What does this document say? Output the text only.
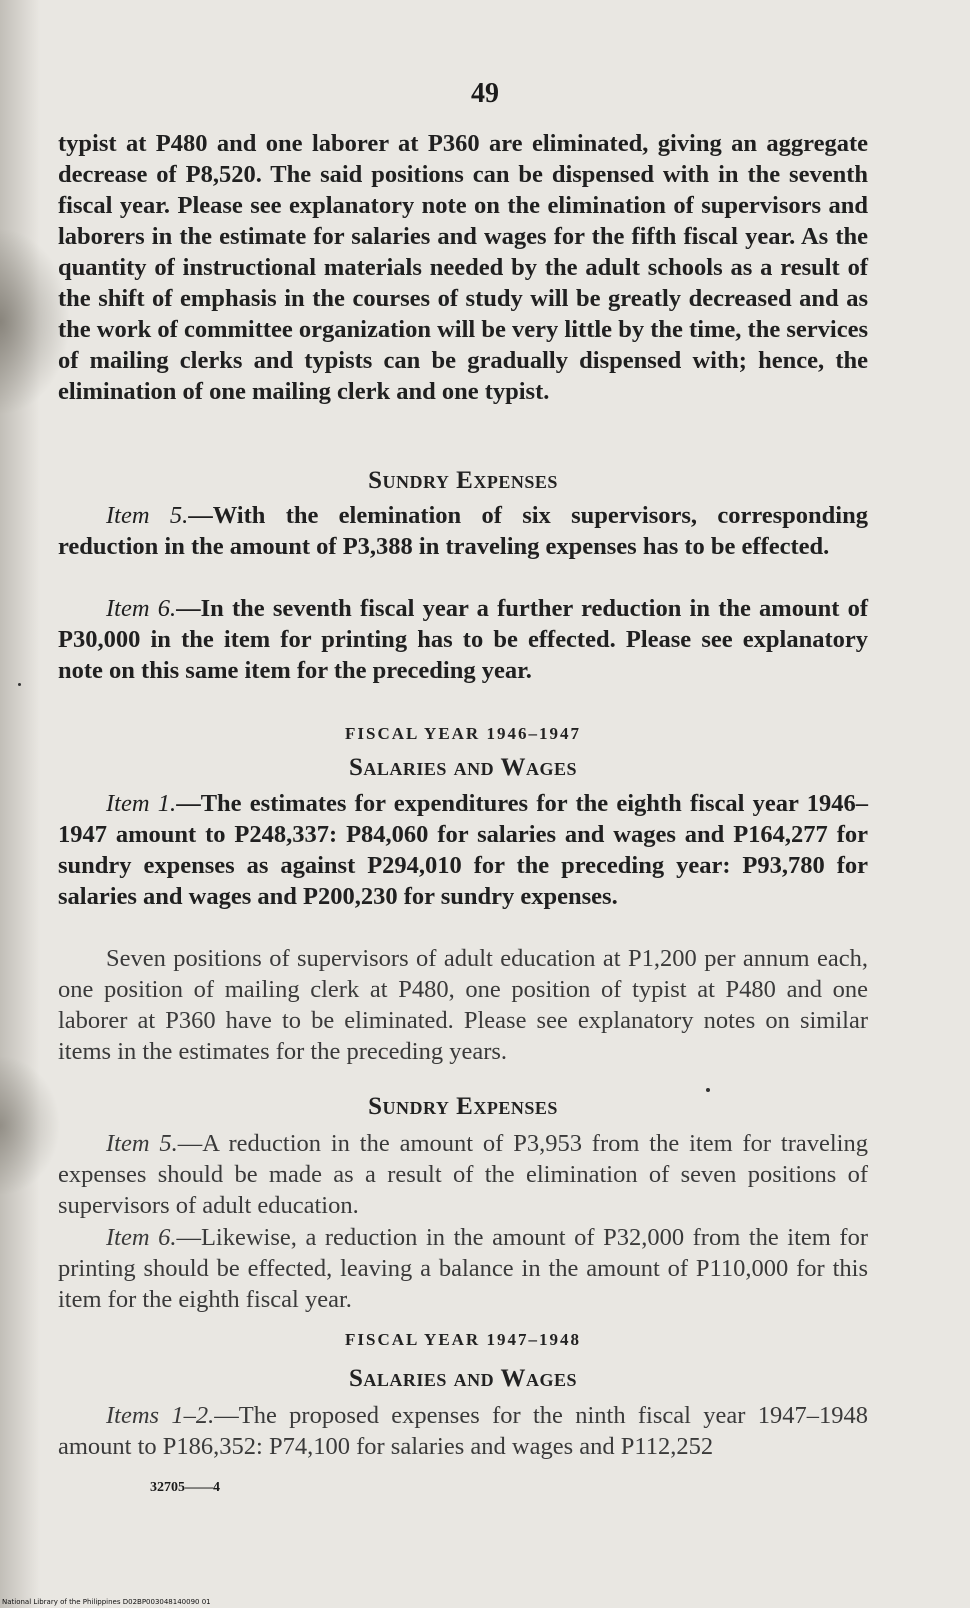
49

typist at P480 and one laborer at P360 are eliminated, giving an aggregate decrease of P8,520. The said positions can be dispensed with in the seventh fiscal year. Please see explanatory note on the elimination of supervisors and laborers in the estimate for salaries and wages for the fifth fiscal year. As the quantity of instructional materials needed by the adult schools as a result of the shift of emphasis in the courses of study will be greatly decreased and as the work of committee organization will be very little by the time, the services of mailing clerks and typists can be gradually dispensed with; hence, the elimination of one mailing clerk and one typist.

Sundry Expenses

Item 5.—With the elemination of six supervisors, corresponding reduction in the amount of P3,388 in traveling expenses has to be effected.

Item 6.—In the seventh fiscal year a further reduction in the amount of P30,000 in the item for printing has to be effected. Please see explanatory note on this same item for the preceding year.

FISCAL YEAR 1946–1947

Salaries and Wages

Item 1.—The estimates for expenditures for the eighth fiscal year 1946–1947 amount to P248,337: P84,060 for salaries and wages and P164,277 for sundry expenses as against P294,010 for the preceding year: P93,780 for salaries and wages and P200,230 for sundry expenses.

Seven positions of supervisors of adult education at P1,200 per annum each, one position of mailing clerk at P480, one position of typist at P480 and one laborer at P360 have to be eliminated. Please see explanatory notes on similar items in the estimates for the preceding years.

Sundry Expenses

Item 5.—A reduction in the amount of P3,953 from the item for traveling expenses should be made as a result of the elimination of seven positions of supervisors of adult education.

Item 6.—Likewise, a reduction in the amount of P32,000 from the item for printing should be effected, leaving a balance in the amount of P110,000 for this item for the eighth fiscal year.

FISCAL YEAR 1947–1948

Salaries and Wages

Items 1–2.—The proposed expenses for the ninth fiscal year 1947–1948 amount to P186,352: P74,100 for salaries and wages and P112,252

32705——4
National Library of the Philippines D02BP003048140090 01
